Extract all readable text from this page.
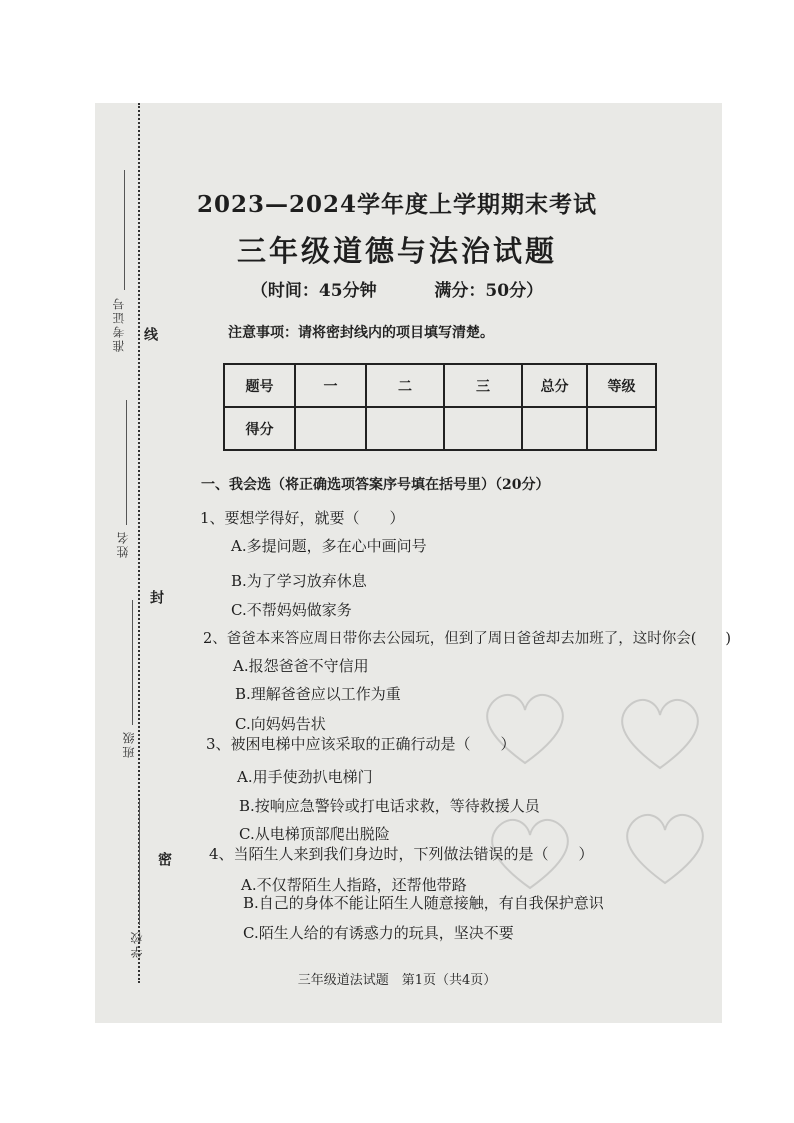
准考证号
姓名
班级
学校
线
封
密
2023—2024学年度上学期期末考试
三年级道德与法治试题
（时间：45分钟	满分：50分）
注意事项：请将密封线内的项目填写清楚。
题号	一	二	三	总分	等级
得分					
一、我会选（将正确选项答案序号填在括号里）（20分）
1、要想学得好，就要（　　）
A.多提问题，多在心中画问号
B.为了学习放弃休息
C.不帮妈妈做家务
2、爸爸本来答应周日带你去公园玩，但到了周日爸爸却去加班了，这时你会(　　)
A.报怨爸爸不守信用
B.理解爸爸应以工作为重
C.向妈妈告状
3、被困电梯中应该采取的正确行动是（　　）
A.用手使劲扒电梯门
B.按响应急警铃或打电话求救，等待救援人员
C.从电梯顶部爬出脱险
4、当陌生人来到我们身边时，下列做法错误的是（　　）
A.不仅帮陌生人指路，还帮他带路
B.自己的身体不能让陌生人随意接触，有自我保护意识
C.陌生人给的有诱惑力的玩具，坚决不要
三年级道法试题　第1页（共4页）
